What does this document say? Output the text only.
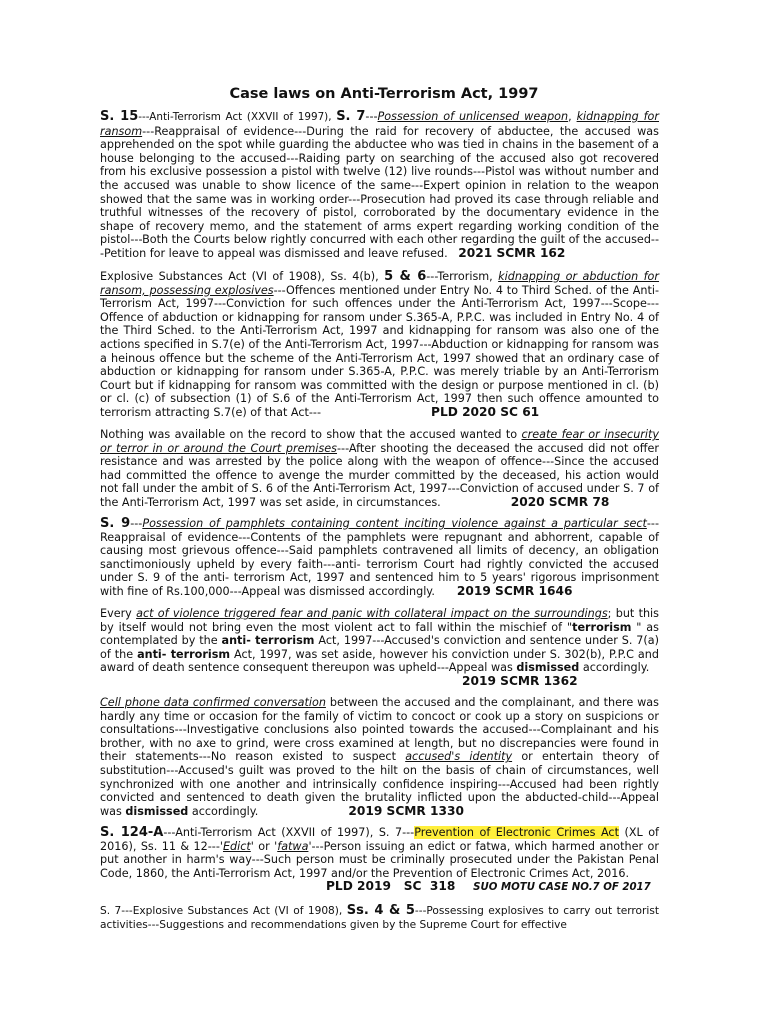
Case laws on Anti-Terrorism Act, 1997
S. 15---Anti-Terrorism Act (XXVII of 1997), S. 7---Possession of unlicensed weapon, kidnapping for ransom---Reappraisal of evidence---During the raid for recovery of abductee, the accused was apprehended on the spot while guarding the abductee who was tied in chains in the basement of a house belonging to the accused---Raiding party on searching of the accused also got recovered from his exclusive possession a pistol with twelve (12) live rounds---Pistol was without number and the accused was unable to show licence of the same---Expert opinion in relation to the weapon showed that the same was in working order---Prosecution had proved its case through reliable and truthful witnesses of the recovery of pistol, corroborated by the documentary evidence in the shape of recovery memo, and the statement of arms expert regarding working condition of the pistol---Both the Courts below rightly concurred with each other regarding the guilt of the accused---Petition for leave to appeal was dismissed and leave refused. 2021 SCMR 162
Explosive Substances Act (VI of 1908), Ss. 4(b), 5 & 6---Terrorism, kidnapping or abduction for ransom, possessing explosives---Offences mentioned under Entry No. 4 to Third Sched. of the Anti-Terrorism Act, 1997---Conviction for such offences under the Anti-Terrorism Act, 1997---Scope---Offence of abduction or kidnapping for ransom under S.365-A, P.P.C. was included in Entry No. 4 of the Third Sched. to the Anti-Terrorism Act, 1997 and kidnapping for ransom was also one of the actions specified in S.7(e) of the Anti-Terrorism Act, 1997---Abduction or kidnapping for ransom was a heinous offence but the scheme of the Anti-Terrorism Act, 1997 showed that an ordinary case of abduction or kidnapping for ransom under S.365-A, P.P.C. was merely triable by an Anti-Terrorism Court but if kidnapping for ransom was committed with the design or purpose mentioned in cl. (b) or cl. (c) of subsection (1) of S.6 of the Anti-Terrorism Act, 1997 then such offence amounted to terrorism attracting S.7(e) of that Act---	PLD 2020 SC 61
Nothing was available on the record to show that the accused wanted to create fear or insecurity or terror in or around the Court premises---After shooting the deceased the accused did not offer resistance and was arrested by the police along with the weapon of offence---Since the accused had committed the offence to avenge the murder committed by the deceased, his action would not fall under the ambit of S. 6 of the Anti-Terrorism Act, 1997---Conviction of accused under S. 7 of the Anti-Terrorism Act, 1997 was set aside, in circumstances.	2020 SCMR 78
S. 9---Possession of pamphlets containing content inciting violence against a particular sect---Reappraisal of evidence---Contents of the pamphlets were repugnant and abhorrent, capable of causing most grievous offence---Said pamphlets contravened all limits of decency, an obligation sanctimoniously upheld by every faith---anti- terrorism Court had rightly convicted the accused under S. 9 of the anti- terrorism Act, 1997 and sentenced him to 5 years' rigorous imprisonment with fine of Rs.100,000---Appeal was dismissed accordingly. 2019 SCMR 1646
Every act of violence triggered fear and panic with collateral impact on the surroundings; but this by itself would not bring even the most violent act to fall within the mischief of "terrorism " as contemplated by the anti- terrorism Act, 1997---Accused's conviction and sentence under S. 7(a) of the anti- terrorism Act, 1997, was set aside, however his conviction under S. 302(b), P.P.C and award of death sentence consequent thereupon was upheld---Appeal was dismissed accordingly.
2019 SCMR 1362
Cell phone data confirmed conversation between the accused and the complainant, and there was hardly any time or occasion for the family of victim to concoct or cook up a story on suspicions or consultations---Investigative conclusions also pointed towards the accused---Complainant and his brother, with no axe to grind, were cross examined at length, but no discrepancies were found in their statements---No reason existed to suspect accused's identity or entertain theory of substitution---Accused's guilt was proved to the hilt on the basis of chain of circumstances, well synchronized with one another and intrinsically confidence inspiring---Accused had been rightly convicted and sentenced to death given the brutality inflicted upon the abducted-child---Appeal was dismissed accordingly.	2019 SCMR 1330
S. 124-A---Anti-Terrorism Act (XXVII of 1997), S. 7---Prevention of Electronic Crimes Act (XL of 2016), Ss. 11 & 12---'Edict' or 'fatwa'---Person issuing an edict or fatwa, which harmed another or put another in harm's way---Such person must be criminally prosecuted under the Pakistan Penal Code, 1860, the Anti-Terrorism Act, 1997 and/or the Prevention of Electronic Crimes Act, 2016.
PLD 2019   SC  318 SUO MOTU CASE NO.7 OF 2017
S. 7---Explosive Substances Act (VI of 1908), Ss. 4 & 5---Possessing explosives to carry out terrorist activities---Suggestions and recommendations given by the Supreme Court for effective
